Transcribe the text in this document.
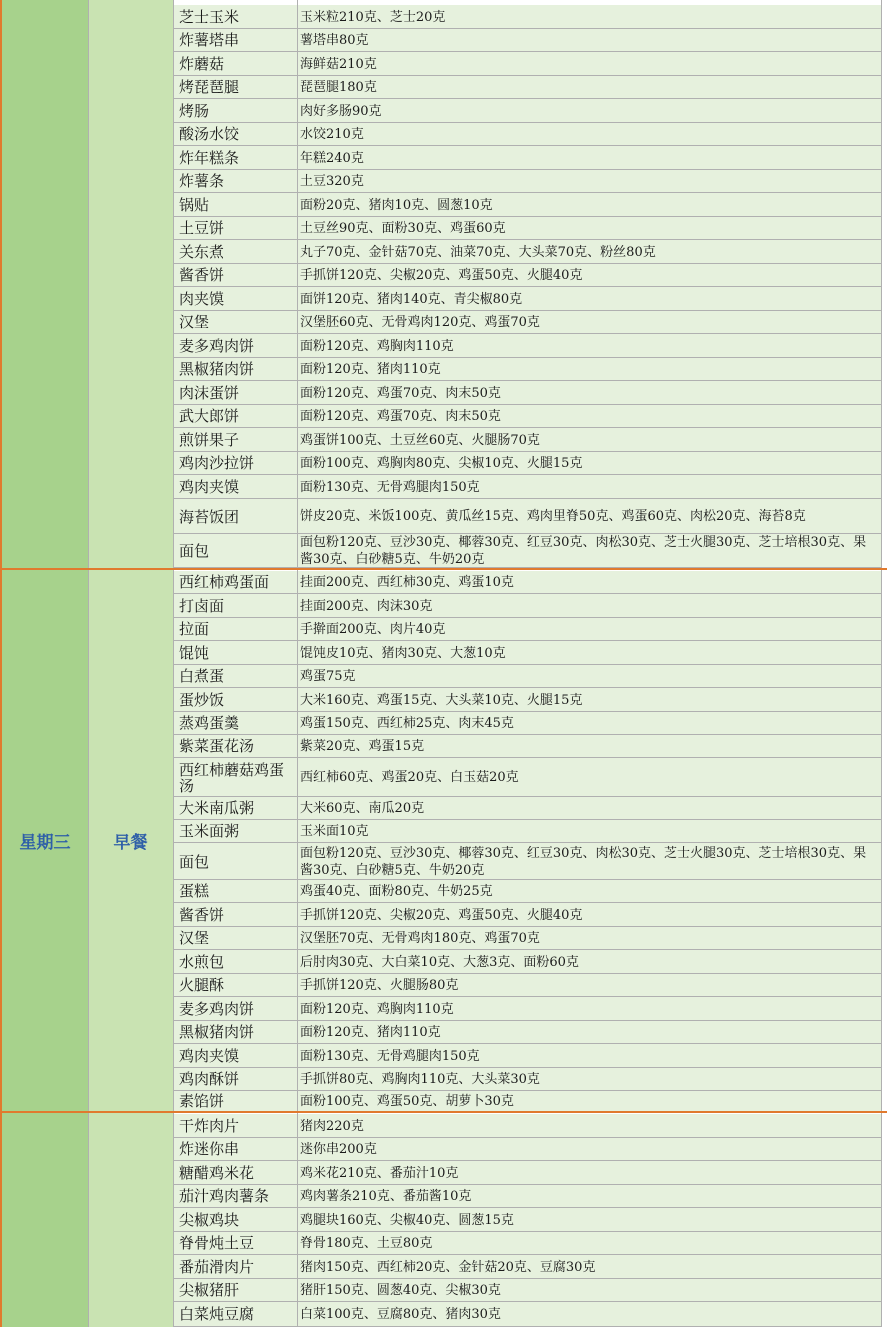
芝士玉米	玉米粒210克、芝士20克
炸薯塔串	薯塔串80克
炸蘑菇	海鲜菇210克
烤琵琶腿	琵琶腿180克
烤肠	肉好多肠90克
酸汤水饺	水饺210克
炸年糕条	年糕240克
炸薯条	土豆320克
锅贴	面粉20克、猪肉10克、圆葱10克
土豆饼	土豆丝90克、面粉30克、鸡蛋60克
关东煮	丸子70克、金针菇70克、油菜70克、大头菜70克、粉丝80克
酱香饼	手抓饼120克、尖椒20克、鸡蛋50克、火腿40克
肉夹馍	面饼120克、猪肉140克、青尖椒80克
汉堡	汉堡胚60克、无骨鸡肉120克、鸡蛋70克
麦多鸡肉饼	面粉120克、鸡胸肉110克
黑椒猪肉饼	面粉120克、猪肉110克
肉沫蛋饼	面粉120克、鸡蛋70克、肉末50克
武大郎饼	面粉120克、鸡蛋70克、肉末50克
煎饼果子	鸡蛋饼100克、土豆丝60克、火腿肠70克
鸡肉沙拉饼	面粉100克、鸡胸肉80克、尖椒10克、火腿15克
鸡肉夹馍	面粉130克、无骨鸡腿肉150克
海苔饭团	饼皮20克、米饭100克、黄瓜丝15克、鸡肉里脊50克、鸡蛋60克、肉松20克、海苔8克
面包	面包粉120克、豆沙30克、椰蓉30克、红豆30克、肉松30克、芝士火腿30克、芝士培根30克、果酱30克、白砂糖5克、牛奶20克
星期三	早餐
西红柿鸡蛋面	挂面200克、西红柿30克、鸡蛋10克
打卤面	挂面200克、肉沫30克
拉面	手擀面200克、肉片40克
馄饨	馄饨皮10克、猪肉30克、大葱10克
白煮蛋	鸡蛋75克
蛋炒饭	大米160克、鸡蛋15克、大头菜10克、火腿15克
蒸鸡蛋羹	鸡蛋150克、西红柿25克、肉末45克
紫菜蛋花汤	紫菜20克、鸡蛋15克
西红柿蘑菇鸡蛋汤	西红柿60克、鸡蛋20克、白玉菇20克
大米南瓜粥	大米60克、南瓜20克
玉米面粥	玉米面10克
面包	面包粉120克、豆沙30克、椰蓉30克、红豆30克、肉松30克、芝士火腿30克、芝士培根30克、果酱30克、白砂糖5克、牛奶20克
蛋糕	鸡蛋40克、面粉80克、牛奶25克
酱香饼	手抓饼120克、尖椒20克、鸡蛋50克、火腿40克
汉堡	汉堡胚70克、无骨鸡肉180克、鸡蛋70克
水煎包	后肘肉30克、大白菜10克、大葱3克、面粉60克
火腿酥	手抓饼120克、火腿肠80克
麦多鸡肉饼	面粉120克、鸡胸肉110克
黑椒猪肉饼	面粉120克、猪肉110克
鸡肉夹馍	面粉130克、无骨鸡腿肉150克
鸡肉酥饼	手抓饼80克、鸡胸肉110克、大头菜30克
素馅饼	面粉100克、鸡蛋50克、胡萝卜30克
干炸肉片	猪肉220克
炸迷你串	迷你串200克
糖醋鸡米花	鸡米花210克、番茄汁10克
茄汁鸡肉薯条	鸡肉薯条210克、番茄酱10克
尖椒鸡块	鸡腿块160克、尖椒40克、圆葱15克
脊骨炖土豆	脊骨180克、土豆80克
番茄滑肉片	猪肉150克、西红柿20克、金针菇20克、豆腐30克
尖椒猪肝	猪肝150克、圆葱40克、尖椒30克
白菜炖豆腐	白菜100克、豆腐80克、猪肉30克
